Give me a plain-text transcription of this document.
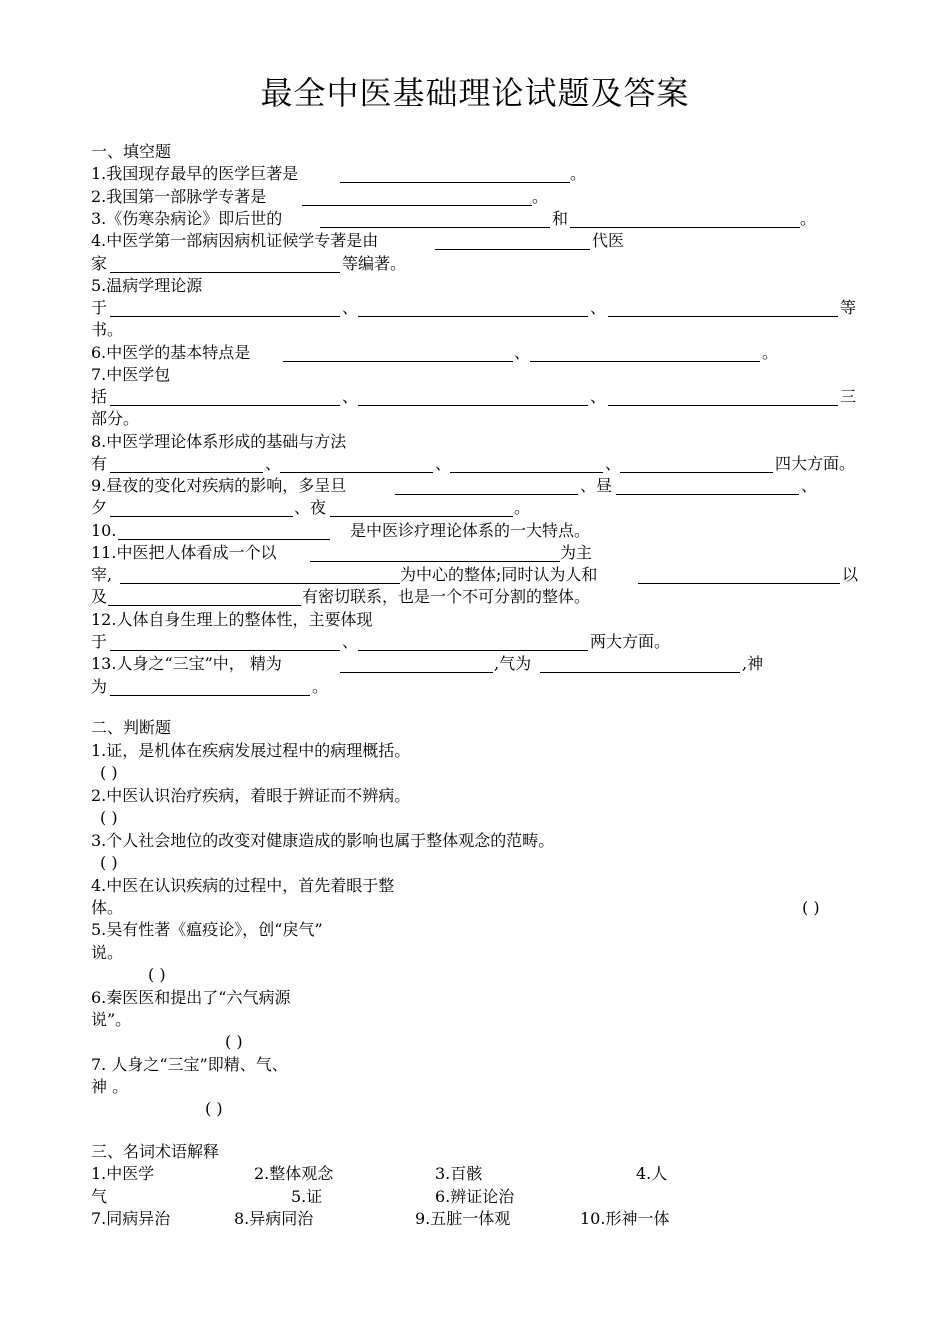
最全中医基础理论试题及答案
一、填空题
1.我国现存最早的医学巨著是	。
2.我国第一部脉学专著是	。
3.《伤寒杂病论》即后世的	和	。
4.中医学第一部病因病机证候学专著是由	代医
家	等编著。
5.温病学理论源
于	、	、	等
书。
6.中医学的基本特点是	、	。
7.中医学包
括	、	、	三
部分。
8.中医学理论体系形成的基础与方法
有	、	、	、	四大方面。
9.昼夜的变化对疾病的影响，多呈旦	、昼	、
夕	、夜	。
10.	是中医诊疗理论体系的一大特点。
11.中医把人体看成一个以	为主
宰,	为中心的整体;同时认为人和	以
及	有密切联系，也是一个不可分割的整体。
12.人体自身生理上的整体性，主要体现
于	、	两大方面。
13.人身之“三宝”中， 精为	,气为	,神
为	。
二、判断题
1.证，是机体在疾病发展过程中的病理概括。
( )
2.中医认识治疗疾病，着眼于辨证而不辨病。
( )
3.个人社会地位的改变对健康造成的影响也属于整体观念的范畴。
( )
4.中医在认识疾病的过程中，首先着眼于整
体。	( )
5.吴有性著《瘟疫论》，创“戾气”
说。
( )
6.秦医医和提出了“六气病源
说”。
( )
7. 人身之“三宝”即精、气、
神 。
( )
三、名词术语解释
1.中医学	2.整体观念	3.百骸	4.人
气	5.证	6.辨证论治
7.同病异治	8.异病同治	9.五脏一体观	10.形神一体
